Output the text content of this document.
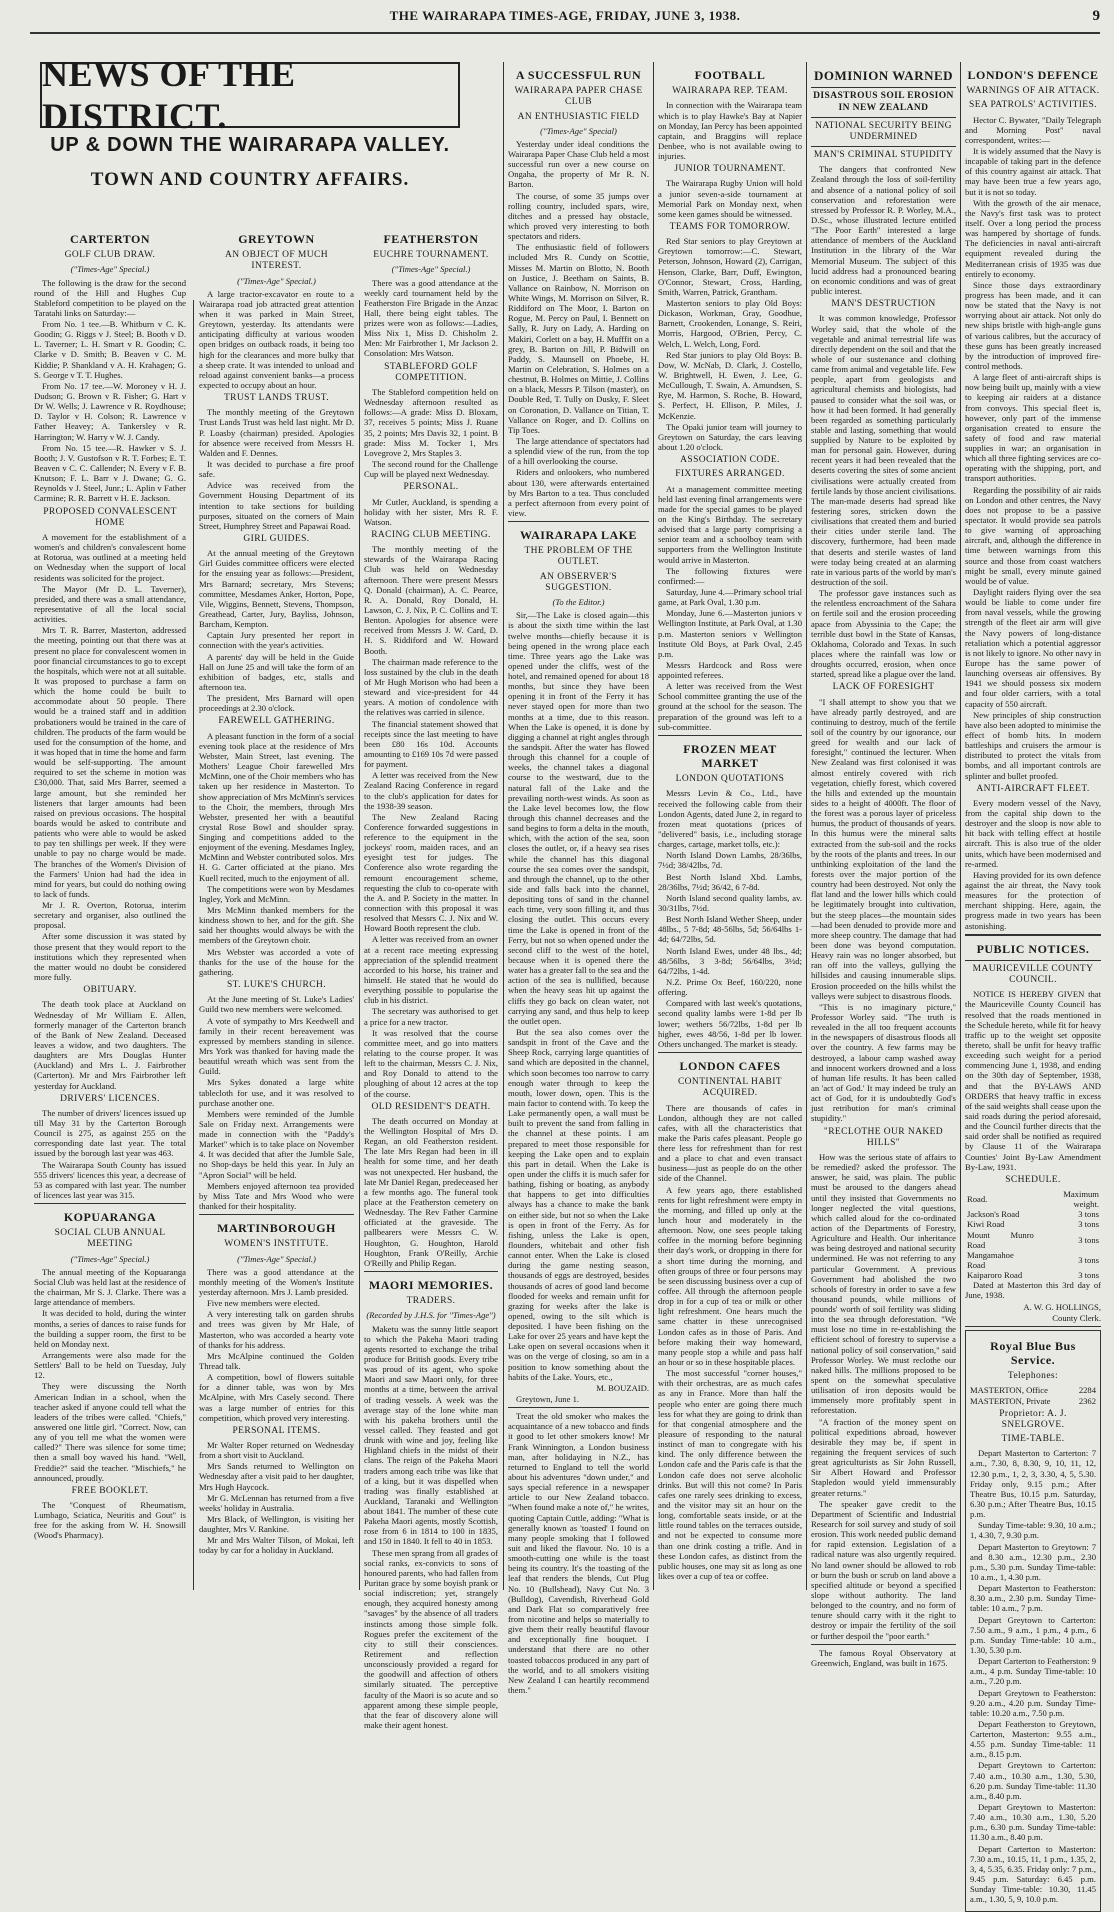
THE WAIRARAPA TIMES-AGE, FRIDAY, JUNE 3, 1938.	9
NEWS OF THE DISTRICT.
UP & DOWN THE WAIRARAPA VALLEY.
TOWN AND COUNTRY AFFAIRS.
CARTERTON
GOLF CLUB DRAW.
("Times-Age" Special.)

The following is the draw for the second round of the Hill and Hughes Cup Stableford competition to be played on the Taratahi links on Saturday:—

From No. 1 tee.—B. Whitburn v C. K. Goodin; G. Riggs v J. Steel; B. Booth v D. L. Taverner; L. H. Smart v R. Goodin; C. Clarke v D. Smith; B. Beaven v C. M. Kiddie; P. Shankland v A. H. Krahagen; G. S. George v T. T. Hughes.

From No. 17 tee.—W. Moroney v H. J. Dudson; G. Brown v R. Fisher; G. Hart v Dr W. Wells; J. Lawrence v R. Roydhouse; D. Taylor v H. Colson; R. Lawrence v Father Heavey; A. Tankersley v R. Harrington; W. Harry v W. J. Candy.

From No. 15 tee.—R. Hawker v S. J. Booth; J. V. Gustofson v R. T. Forbes; E. T. Beaven v C. C. Callender; N. Every v F. B. Knutson; F. L. Barr v J. Dwane; G. G. Reynolds v J. Steel, Junr.; L. Aplin v Father Carmine; R. R. Barrett v H. E. Jackson.

PROPOSED CONVALESCENT HOME

A movement for the establishment of a women's and children's convalescent home at Rotorua, was outlined at a meeting held on Wednesday when the support of local residents was solicited for the project.

The Mayor (Mr D. L. Taverner), presided, and there was a small attendance, representative of all the local social activities.

Mrs T. R. Barrer, Masterton, addressed the meeting, pointing out that there was at present no place for convalescent women in poor financial circumstances to go to except the hospitals, which were not at all suitable. It was proposed to purchase a farm on which the home could be built to accommodate about 50 people. There would be a trained staff and in addition probationers would be trained in the care of children. The products of the farm would be used for the consumption of the home, and it was hoped that in time the home and farm would be self-supporting. The amount required to set the scheme in motion was £30,000. That, said Mrs Barrer, seemed a large amount, but she reminded her listeners that larger amounts had been raised on previous occasions. The hospital boards would be asked to contribute and patients who were able to would be asked to pay ten shillings per week. If they were unable to pay no charge would be made. The branches of the Women's Division of the Farmers' Union had had the idea in mind for years, but could do nothing owing to lack of funds.

Mr J. R. Overton, Rotorua, interim secretary and organiser, also outlined the proposal.

After some discussion it was stated by those present that they would report to the institutions which they represented when the matter would no doubt be considered more fully.

OBITUARY.

The death took place at Auckland on Wednesday of Mr William E. Allen, formerly manager of the Carterton branch of the Bank of New Zealand. Deceased leaves a widow, and two daughters. The daughters are Mrs Douglas Hunter (Auckland) and Mrs L. J. Fairbrother (Carterton). Mr and Mrs Fairbrother left yesterday for Auckland.

DRIVERS' LICENCES.

The number of drivers' licences issued up till May 31 by the Carterton Borough Council is 275, as against 255 on the corresponding date last year. The total issued by the borough last year was 463.

The Wairarapa South County has issued 555 drivers' licences this year, a decrease of 53 as compared with last year. The number of licences last year was 315.

KOPUARANGA
SOCIAL CLUB ANNUAL MEETING
("Times-Age" Special.)

The annual meeting of the Kopuaranga Social Club was held last at the residence of the chairman, Mr S. J. Clarke. There was a large attendance of members.

It was decided to hold, during the winter months, a series of dances to raise funds for the building a supper room, the first to be held on Monday next.

Arrangements were also made for the Settlers' Ball to be held on Tuesday, July 12.

They were discussing the North American Indian in a school, when the teacher asked if anyone could tell what the leaders of the tribes were called. "Chiefs," answered one little girl. "Correct. Now, can any of you tell me what the women were called?" There was silence for some time; then a small boy waved his hand. "Well, Freddie?" said the teacher. "Mischiefs," he announced, proudly.

FREE BOOKLET.

The "Conquest of Rheumatism, Lumbago, Sciatica, Neuritis and Gout" is free for the asking from W. H. Snowsill (Wood's Pharmacy).

GREYTOWN
AN OBJECT OF MUCH INTEREST.
("Times-Age" Special.)

A large tractor-excavator en route to a Wairarapa road job attracted great attention when it was parked in Main Street, Greytown, yesterday. Its attendants were anticipating difficulty at various wooden open bridges on outback roads, it being too high for the clearances and more bulky that a sheep crate. It was intended to unload and reload against convenient banks—a process expected to occupy about an hour.

TRUST LANDS TRUST.

The monthly meeting of the Greytown Trust Lands Trust was held last night. Mr D. P. Loasby (chairman) presided. Apologies for absence were received from Messrs H. Walden and F. Dennes.

It was decided to purchase a fire proof safe.

Advice was received from the Government Housing Department of its intention to take sections for building purposes, situated on the corners of Main Street, Humphrey Street and Papawai Road.

GIRL GUIDES.

At the annual meeting of the Greytown Girl Guides committee officers were elected for the ensuing year as follows:—President, Mrs Barnard; secretary, Mrs Stevens; committee, Mesdames Anker, Horton, Pope, Vile, Wiggins, Bennett, Stevens, Thompson, Greathead, Carter, Jury, Bayliss, Johnson, Barcham, Kempton.

Captain Jury presented her report in connection with the year's activities.

A parents' day will be held in the Guide Hall on June 25 and will take the form of an exhibition of badges, etc, stalls and afternoon tea.

The president, Mrs Barnard will open proceedings at 2.30 o'clock.

FAREWELL GATHERING.

A pleasant function in the form of a social evening took place at the residence of Mrs Webster, Main Street, last evening. The Mothers' League Choir farewelled Mrs McMinn, one of the Choir members who has taken up her residence in Masterton. To show appreciation of Mrs McMinn's services to the Choir, the members, through Mrs Webster, presented her with a beautiful crystal Rose Bowl and shoulder spray. Singing and competitions added to the enjoyment of the evening. Mesdames Ingley, McMinn and Webster contributed solos. Mrs H. G. Carter officiated at the piano. Mrs Kuell recited, much to the enjoyment of all.

The competitions were won by Mesdames Ingley, York and McMinn.

Mrs McMinn thanked members for the kindness shown to her, and for the gift. She said her thoughts would always be with the members of the Greytown choir.

Mrs Webster was accorded a vote of thanks for the use of the house for the gathering.

ST. LUKE'S CHURCH.

At the June meeting of St. Luke's Ladies' Guild two new members were welcomed.

A vote of sympathy to Mrs Keedwell and family in their recent bereavement was expressed by members standing in silence. Mrs York was thanked for having made the beautiful wreath which was sent from the Guild.

Mrs Sykes donated a large white tablecloth for use, and it was resolved to purchase another one.

Members were reminded of the Jumble Sale on Friday next. Arrangements were made in connection with the "Paddy's Market" which is to take place on November 4. It was decided that after the Jumble Sale, no Shop-days be held this year. In July an "Apron Social" will be held.

Members enjoyed afternoon tea provided by Miss Tate and Mrs Wood who were thanked for their hospitality.

MARTINBOROUGH
WOMEN'S INSTITUTE.
("Times-Age" Special.)

There was a good attendance at the monthly meeting of the Women's Institute yesterday afternoon. Mrs J. Lamb presided.

Five new members were elected.

A very interesting talk on garden shrubs and trees was given by Mr Hale, of Masterton, who was accorded a hearty vote of thanks for his address.

Mrs McAlpine continued the Golden Thread talk.

A competition, bowl of flowers suitable for a dinner table, was won by Mrs McAlpine, with Mrs Casely second. There was a large number of entries for this competition, which proved very interesting.

PERSONAL ITEMS.

Mr Walter Roper returned on Wednesday from a short visit to Auckland.

Mrs Sands returned to Wellington on Wednesday after a visit paid to her daughter, Mrs Hugh Haycock.

Mr G. McLennan has returned from a five weeks' holiday in Australia.

Mrs Black, of Wellington, is visiting her daughter, Mrs V. Rankine.

Mr and Mrs Walter Tilson, of Mokai, left today by car for a holiday in Auckland.

FEATHERSTON
EUCHRE TOURNAMENT.
("Times-Age" Special.)

There was a good attendance at the weekly card tournament held by the Featherston Fire Brigade in the Anzac Hall, there being eight tables. The prizes were won as follows:—Ladies, Miss Nix 1, Miss D. Chisholm 2. Men: Mr Fairbrother 1, Mr Jackson 2. Consolation: Mrs Watson.

STABLEFORD GOLF COMPETITION.

The Stableford competition held on Wednesday afternoon resulted as follows:—A grade: Miss D. Bloxam, 37, receives 5 points; Miss J. Ruane 35, 2 points; Mrs Davis 32, 1 point. B grade: Miss M. Tocker 1, Mrs Lovegrove 2, Mrs Staples 3.

The second round for the Challenge Cup will be played next Wednesday.

PERSONAL.

Mr Cutler, Auckland, is spending a holiday with her sister, Mrs R. F. Watson.

RACING CLUB MEETING.

The monthly meeting of the stewards of the Wairarapa Racing Club was held on Wednesday afternoon. There were present Messrs Q. Donald (chairman), A. C. Pearce, R. A. Donald, Roy Donald, H. Lawson, C. J. Nix, P. C. Collins and T. Benton. Apologies for absence were received from Messrs J. W. Card, D. H. S. Riddiford and W. Howard Booth.

The chairman made reference to the loss sustained by the club in the death of Mr Hugh Morison who had been a steward and vice-president for 44 years. A motion of condolence with the relatives was carried in silence.

The financial statement showed that receipts since the last meeting to have been £80 16s 10d. Accounts amounting to £169 10s 7d were passed for payment.

A letter was received from the New Zealand Racing Conference in regard to the club's application for dates for the 1938-39 season.

The New Zealand Racing Conference forwarded suggestions in reference to the equipment in the jockeys' room, maiden races, and an eyesight test for judges. The Conference also wrote regarding the remount encouragement scheme, requesting the club to co-operate with the A. and P. Society in the matter. In connection with this proposal it was resolved that Messrs C. J. Nix and W. Howard Booth represent the club.

A letter was received from an owner at a recent race meeting expressing appreciation of the splendid treatment accorded to his horse, his trainer and himself. He stated that he would do everything possible to popularise the club in his district.

The secretary was authorised to get a price for a new tractor.

It was resolved that the course committee meet, and go into matters relating to the course proper. It was left to the chairman, Messrs C. J. Nix, and Roy Donald to attend to the ploughing of about 12 acres at the top of the course.

OLD RESIDENT'S DEATH.

The death occurred on Monday at the Wellington Hospital of Mrs D. Regan, an old Featherston resident. The late Mrs Regan had been in ill health for some time, and her death was not unexpected. Her husband, the late Mr Daniel Regan, predeceased her a few months ago. The funeral took place at the Featherston cemetery on Wednesday. The Rev Father Carmine officiated at the graveside. The pallbearers were Messrs C. W. Houghton, G. Houghton, Harold Houghton, Frank O'Reilly, Archie O'Reilly and Philip Regan.

MAORI MEMORIES.
TRADERS.
(Recorded by J.H.S. for "Times-Age")

Maketu was the sunny little seaport to which the Pakeha Maori trading agents resorted to exchange the tribal produce for British goods. Every tribe was proud of its agent, who spoke Maori and saw Maori only, for three months at a time, between the arrival of trading vessels. A week was the average stay of the lone white man with his pakeha brothers until the vessel called. They feasted and got drunk with wine and joy, feeling like Highland chiefs in the midst of their clans. The reign of the Pakeha Maori traders among each tribe was like that of a king, but it was dispelled when trading was finally established at Auckland, Taranaki and Wellington about 1841. The number of these cute Pakeha Maori agents, mostly Scottish, rose from 6 in 1814 to 100 in 1835, and 150 in 1840. It fell to 40 in 1853.

These men sprang from all grades of social ranks, ex-convicts to sons of honoured parents, who had fallen from Puritan grace by some boyish prank or social indiscretion; yet, strangely enough, they acquired honesty among "savages" by the absence of all traders instincts among those simple folk. Rogues prefer the excitement of the city to still their consciences. Retirement and reflection unconsciously provided a regard for the goodwill and affection of others similarly situated. The perceptive faculty of the Maori is so acute and so apparent among these simple people, that the fear of discovery alone will make their agent honest.

A SUCCESSFUL RUN
WAIRARAPA PAPER CHASE CLUB
AN ENTHUSIASTIC FIELD
("Times-Age" Special)

Yesterday under ideal conditions the Wairarapa Paper Chase Club held a most successful run over a new course on Ongaha, the property of Mr R. N. Barton.

The course, of some 35 jumps over rolling country, included spars, wire, ditches and a pressed hay obstacle, which proved very interesting to both spectators and riders.

The enthusiastic field of followers included Mrs R. Cundy on Scottie, Misses M. Martin on Blotto, N. Booth on Justice, J. Beetham on Saints, B. Vallance on Rainbow, N. Morrison on White Wings, M. Morrison on Silver, R. Riddiford on The Moor, I. Barton on Rogue, M. Percy on Paul, I. Bennett on Sally, R. Jury on Lady, A. Harding on Makiri, Corlett on a bay, H. Mufffit on a grey, B. Barton on Jill, P. Bidwill on Paddy, S. Maunsell on Phoebe, H. Martin on Celebration, S. Holmes on a chestnut, B. Holmes on Mittie, J. Collins on a black, Messrs P. Tilson (master), on Double Red, T. Tully on Dusky, F. Sleet on Coronation, D. Vallance on Titian, T. Vallance on Roger, and D. Collins on Tip Toes.

The large attendance of spectators had a splendid view of the run, from the top of a hill overlooking the course.

Riders and onlookers, who numbered about 130, were afterwards entertained by Mrs Barton to a tea. Thus concluded a perfect afternoon from every point of view.

WAIRARAPA LAKE
THE PROBLEM OF THE OUTLET.
AN OBSERVER'S SUGGESTION.
(To the Editor.)

Sir,—The Lake is closed again—this is about the sixth time within the last twelve months—chiefly because it is being opened in the wrong place each time. Three years ago the Lake was opened under the cliffs, west of the hotel, and remained opened for about 18 months, but since they have been opening it in front of the Ferry it has never stayed open for more than two months at a time, due to this reason. When the Lake is opened, it is done by digging a channel at right angles through the sandspit. After the water has flowed through this channel for a couple of weeks, the channel takes a diagonal course to the westward, due to the natural fall of the Lake and the prevailing north-west winds. As soon as the Lake level becomes low, the flow through this channel decreases and the sand begins to form a delta in the mouth, which, with the action of the sea, soon closes the outlet, or, if a heavy sea rises while the channel has this diagonal course the sea comes over the sandspit, and through the channel, up to the other side and falls back into the channel, depositing tons of sand in the channel each time, very soon filling it, and thus closing the outlet. This occurs every time the Lake is opened in front of the Ferry, but not so when opened under the second cliff to the west of the hotel, because when it is opened there the water has a greater fall to the sea and the action of the sea is nullified, because when the heavy seas hit up against the cliffs they go back on clean water, not carrying any sand, and thus help to keep the outlet open.

But the sea also comes over the sandspit in front of the Cave and the Sheep Rock, carrying large quantities of sand which are deposited in the channel, which soon becomes too narrow to carry enough water through to keep the mouth, lower down, open. This is the main factor to contend with. To keep the Lake permanently open, a wall must be built to prevent the sand from falling in the channel at these points. I am prepared to meet those responsible for keeping the Lake open and to explain this part in detail. When the Lake is open under the cliffs it is much safer for bathing, fishing or boating, as anybody that happens to get into difficulties always has a chance to make the bank on either side, but not so when the Lake is open in front of the Ferry. As for fishing, unless the Lake is open, flounders, whitebait and other fish cannot enter. When the Lake is closed during the game nesting season, thousands of eggs are destroyed, besides thousands of acres of good land become flooded for weeks and remain unfit for grazing for weeks after the lake is opened, owing to the silt which is deposited. I have been fishing on the Lake for over 25 years and have kept the Lake open on several occasions when it was on the verge of closing, so am in a position to know something about the habits of the Lake. Yours, etc.,

M. BOUZAID.

Greytown, June 1.

Treat the old smoker who makes the acquaintance of a new tobacco and finds it good to let other smokers know! Mr Frank Winnington, a London business man, after holidaying in N.Z., has returned to England to tell the world about his adventures "down under," and says special reference in a newspaper article to our New Zealand tobacco. "When found make a note of," he writes, quoting Captain Cuttle, adding: "What is generally known as 'toasted' I found on many people smoking that I followed suit and liked the flavour. No. 10 is a smooth-cutting one while is the toast being its country. It's the toasting of the leaf that renders the blends, Cut Plug No. 10 (Bullshead), Navy Cut No. 3 (Bulldog), Cavendish, Riverhead Gold and Dark Flat so comparatively free from nicotine and helps so materially to give them their really beautiful flavour and exceptionally fine bouquet. I understand that there are no other toasted tobaccos produced in any part of the world, and to all smokers visiting New Zealand I can heartily recommend them."

FOOTBALL
WAIRARAPA REP. TEAM.

In connection with the Wairarapa team which is to play Hawke's Bay at Napier on Monday, Ian Percy has been appointed captain, and Braggins will replace Denbee, who is not available owing to injuries.

JUNIOR TOURNAMENT.

The Wairarapa Rugby Union will hold a junior seven-a-side tournament at Memorial Park on Monday next, when some keen games should be witnessed.

TEAMS FOR TOMORROW.

Red Star seniors to play Greytown at Greytown tomorrow:—C. Stewart, Peterson, Johnson, Howard (2), Carrigan, Henson, Clarke, Barr, Duff, Ewington, O'Connor, Stewart, Cross, Harding, Smith, Warren, Patrick, Grantham.

Masterton seniors to play Old Boys: Dickason, Workman, Gray, Goodhue, Barnett, Crookenden, Lonange, S. Reiri, Morris, Hargood, O'Brien, Percy, C. Welch, L. Welch, Long, Ford.

Red Star juniors to play Old Boys: B. Dow, W. McNab, D. Clark, J. Costello, W. Brightwell, H. Ewen, J. Lee, G. McCullough, T. Swain, A. Amundsen, S. Rye, M. Harmon, S. Roche, B. Howard, S. Perfect, H. Ellison, P. Miles, J. McKenzie.

The Opaki junior team will journey to Greytown on Saturday, the cars leaving about 1.20 o'clock.

ASSOCIATION CODE.
FIXTURES ARRANGED.

At a management committee meeting held last evening final arrangements were made for the special games to be played on the King's Birthday. The secretary advised that a large party comprising a senior team and a schoolboy team with supporters from the Wellington Institute would arrive in Masterton.

The following fixtures were confirmed:—

Saturday, June 4.—Primary school trial game, at Park Oval, 1.30 p.m.

Monday, June 6.—Masterton juniors v Wellington Institute, at Park Oval, at 1.30 p.m. Masterton seniors v Wellington Institute Old Boys, at Park Oval, 2.45 p.m.

Messrs Hardcock and Ross were appointed referees.

A letter was received from the West School committee granting the use of the ground at the school for the season. The preparation of the ground was left to a sub-committee.

FROZEN MEAT MARKET
LONDON QUOTATIONS

Messrs Levin & Co., Ltd., have received the following cable from their London Agents, dated June 2, in regard to frozen meat quotations (prices of "delivered" basis, i.e., including storage charges, cartage, market tolls, etc.):

North Island Down Lambs, 28/36lbs, 7½d; 38/42lbs, 7d.

Best North Island Xbd. Lambs, 28/36lbs, 7½d; 36/42, 6 7-8d.

North Island second quality lambs, av. 30/31lbs, 7½d.

Best North Island Wether Sheep, under 48lbs., 5 7-8d; 48-56lbs, 5d; 56/64lbs 1-4d; 64/72lbs, 5d.

North Island Ewes, under 48 lbs., 4d; 48/56lbs, 3 3-8d; 56/64lbs, 3½d; 64/72lbs, 1-4d.

N.Z. Prime Ox Beef, 160/220, none offering.

Compared with last week's quotations, second quality lambs were 1-8d per lb lower; wethers 56/72lbs, 1-8d per lb higher, ewes 48/56, 1-8d per lb lower. Others unchanged. The market is steady.

LONDON CAFES
CONTINENTAL HABIT ACQUIRED.

There are thousands of cafes in London, although they are not called cafes, with all the characteristics that make the Paris cafes pleasant. People go there less for refreshment than for rest and a place to chat and even transact business—just as people do on the other side of the Channel.

A few years ago, there established rents for light refreshment were empty in the morning, and filled up only at the lunch hour and moderately in the afternoon. Now, one sees people taking coffee in the morning before beginning their day's work, or dropping in there for a short time during the morning, and often groups of three or four persons may be seen discussing business over a cup of coffee. All through the afternoon people drop in for a cup of tea or milk or other light refreshment. One hears much the same chatter in these unrecognised London cafes as in those of Paris. And before making their way homeward, many people stop a while and pass half an hour or so in these hospitable places.

The most successful "corner houses," with their orchestras, are as much cafes as any in France. More than half the people who enter are going there much less for what they are going to drink than for that congenial atmosphere and the pleasure of responding to the natural instinct of man to congregate with his kind. The only difference between the London cafe and the Paris cafe is that the London cafe does not serve alcoholic drinks. But will this not come? In Paris cafes one rarely sees drinking to excess, and the visitor may sit an hour on the long, comfortable seats inside, or at the little round tables on the terraces outside, and not be expected to consume more than one drink costing a trifle. And in these London cafes, as distinct from the public houses, one may sit as long as one likes over a cup of tea or coffee.

DOMINION WARNED
DISASTROUS SOIL EROSION IN NEW ZEALAND
NATIONAL SECURITY BEING UNDERMINED
MAN'S CRIMINAL STUPIDITY

The dangers that confronted New Zealand through the loss of soil-fertility and absence of a national policy of soil conservation and reforestation were stressed by Professor R. P. Worley, M.A., D.Sc., whose illustrated lecture entitled "The Poor Earth" interested a large attendance of members of the Auckland Institution in the library of the War Memorial Museum. The subject of this lucid address had a pronounced bearing on economic conditions and was of great public interest.

MAN'S DESTRUCTION

It was common knowledge, Professor Worley said, that the whole of the vegetable and animal terrestrial life was directly dependent on the soil and that the whole of our sustenance and clothing came from animal and vegetable life. Few people, apart from geologists and agricultural chemists and biologists, had paused to consider what the soil was, or how it had been formed. It had generally been regarded as something particularly stable and lasting, something that would supplied by Nature to be exploited by man for personal gain. However, during recent years it had been revealed that the deserts covering the sites of some ancient civilisations were actually created from fertile lands by those ancient civilisations. The man-made deserts had spread like festering sores, stricken down the civilisations that created them and buried their cities under sterile land. The discovery, furthermore, had been made that deserts and sterile wastes of land were today being created at an alarming rate in various parts of the world by man's destruction of the soil.

The professor gave instances such as the relentless encroachment of the Sahara on fertile soil and the erosion proceeding apace from Abyssinia to the Cape; the terrible dust bowl in the State of Kansas, Oklahoma, Colorado and Texas. In such places where the rainfall was low or droughts occurred, erosion, when once started, spread like a plague over the land.

LACK OF FORESIGHT

"I shall attempt to show you that we have already partly destroyed, and are continuing to destroy, much of the fertile soil of the country by our ignorance, our greed for wealth and our lack of foresight," continued the lecturer. When New Zealand was first colonised it was almost entirely covered with rich vegetation, chiefly forest, which covered the hills and extended up the mountain sides to a height of 4000ft. The floor of the forest was a porous layer of priceless humus, the product of thousands of years. In this humus were the mineral salts extracted from the sub-soil and the rocks by the roots of the plants and trees. In our unthinking exploitation of the land the forests over the major portion of the country had been destroyed. Not only the flat land and the lower hills which could be legitimately brought into cultivation, but the steep places—the mountain sides—had been denuded to provide more and more sheep country. The damage that had been done was beyond computation. Heavy rain was no longer absorbed, but ran off into the valleys, gullying the hillsides and causing innumerable slips. Erosion proceeded on the hills whilst the valleys were subject to disastrous floods.

"This is no imaginary picture," Professor Worley said. "The truth is revealed in the all too frequent accounts in the newspapers of disastrous floods all over the country. A few farms may be destroyed, a labour camp washed away and innocent workers drowned and a loss of human life results. It has been called an 'act of God.' It may indeed be truly an act of God, for it is undoubtedly God's just retribution for man's criminal stupidity."

"RECLOTHE OUR NAKED HILLS"

How was the serious state of affairs to be remedied? asked the professor. The answer, he said, was plain. The public must be aroused to the dangers ahead until they insisted that Governments no longer neglected the vital questions, which called aloud for the co-ordinated action of the Departments of Forestry, Agriculture and Health. Our inheritance was being destroyed and national security undermined. He was not referring to any particular Government. A previous Government had abolished the two schools of forestry in order to save a few thousand pounds, while millions of pounds' worth of soil fertility was sliding into the sea through deforestation. "We must lose no time in re-establishing the efficient school of forestry to supervise a national policy of soil conservation," said Professor Worley. We must reclothe our naked hills. The millions proposed to be spent on the somewhat speculative utilisation of iron deposits would be immensely more profitably spent in reforestation.

"A fraction of the money spent on political expeditions abroad, however desirable they may be, if spent in regaining the frequent services of such great agriculturists as Sir John Russell, Sir Albert Howard and Professor Stapledon would yield immensurably greater returns."

The speaker gave credit to the Department of Scientific and Industrial Research for soil survey and study of soil erosion. This work needed public demand for rapid extension. Legislation of a radical nature was also urgently required. No land owner should be allowed to rob or burn the bush or scrub on land above a specified altitude or beyond a specified slope without authority. The land belonged to the country, and no form of tenure should carry with it the right to destroy or impair the fertility of the soil or further despoil the "poor earth."

The famous Royal Observatory at Greenwich, England, was built in 1675.

LONDON'S DEFENCE
WARNINGS OF AIR ATTACK.
SEA PATROLS' ACTIVITIES.

Hector C. Bywater, "Daily Telegraph and Morning Post" naval correspondent, writes:—

It is widely assumed that the Navy is incapable of taking part in the defence of this country against air attack. That may have been true a few years ago, but it is not so today.

With the growth of the air menace, the Navy's first task was to protect itself. Over a long period the process was hampered by shortage of funds. The deficiencies in naval anti-aircraft equipment revealed during the Mediterranean crisis of 1935 was due entirely to economy.

Since those days extraordinary progress has been made, and it can now be stated that the Navy is not worrying about air attack. Not only do new ships bristle with high-angle guns of various calibres, but the accuracy of these guns has been greatly increased by the introduction of improved fire-control methods.

A large fleet of anti-aircraft ships is now being built up, mainly with a view to keeping air raiders at a distance from convoys. This special fleet is, however, only part of the immense organisation created to ensure the safety of food and raw material supplies in war; an organisation in which all three fighting services are co-operating with the shipping, port, and transport authorities.

Regarding the possibility of air raids on London and other centres, the Navy does not propose to be a passive spectator. It would provide sea patrols to give warning of approaching aircraft, and, although the difference in time between warnings from this source and those from coast watchers might be small, every minute gained would be of value.

Daylight raiders flying over the sea would be liable to come under fire from naval vessels, while the growing strength of the fleet air arm will give the Navy powers of long-distance retaliation which a potential aggressor is not likely to ignore. No other navy in Europe has the same power of launching overseas air offensives. By 1941 we should possess six modern and four older carriers, with a total capacity of 550 aircraft.

New principles of ship construction have also been adopted to minimise the effect of bomb hits. In modern battleships and cruisers the armour is distributed to protect the vitals from bombs, and all important controls are splinter and bullet proofed.

ANTI-AIRCRAFT FLEET.

Every modern vessel of the Navy, from the capital ship down to the destroyer and the sloop is now able to hit back with telling effect at hostile aircraft. This is also true of the older units, which have been modernised and re-armed.

Having provided for its own defence against the air threat, the Navy took measures for the protection of merchant shipping. Here, again, the progress made in two years has been astonishing.

PUBLIC NOTICES.
MAURICEVILLE COUNTY COUNCIL.

NOTICE IS HEREBY GIVEN that the Mauriceville County Council has resolved that the roads mentioned in the Schedule hereto, while fit for heavy traffic up to the weight set opposite thereto, shall be unfit for heavy traffic exceeding such weight for a period commencing June 1, 1938, and ending on the 30th day of September, 1938, and that the BY-LAWS AND ORDERS that heavy traffic in excess of the said weights shall cease upon the said roads during the period aforesaid, and the Council further directs that the said order shall be notified as required by Clause 11 of the Wairarapa Counties' Joint By-Law Amendment By-Law, 1931.

SCHEDULE.
Road.	Maximum weight.
Jackson's Road	3 tons
Kiwi Road	3 tons
Mount Munro Road	3 tons
Mangamahoe Road	3 tons
Kaiparoro Road	3 tons

Dated at Masterton this 3rd day of June, 1938.

A. W. G. HOLLINGS,

County Clerk.

Royal Blue Bus Service.
Telephones:
MASTERTON, Office	2284
MASTERTON, Private	2362
Proprietor: A. J. SNELGROVE.
TIME-TABLE.

Depart Masterton to Carterton: 7 a.m., 7.30, 8, 8.30, 9, 10, 11, 12, 12.30 p.m., 1, 2, 3, 3.30, 4, 5, 5.30. Friday only, 9.15 p.m.; After Theatre Bus, 10.15 p.m. Saturday, 6.30 p.m.; After Theatre Bus, 10.15 p.m.

Sunday Time-table: 9.30, 10 a.m.; 1, 4.30, 7, 9.30 p.m.

Depart Masterton to Greytown: 7 and 8.30 a.m., 12.30 p.m., 2.30 p.m., 5.30 p.m. Sunday Time-table: 10 a.m., 1, 4.30 p.m.

Depart Masterton to Featherston: 8.30 a.m., 2.30 p.m. Sunday Time-table: 10 a.m., 7 p.m.

Depart Greytown to Carterton: 7.50 a.m., 9 a.m., 1 p.m., 4 p.m., 6 p.m. Sunday Time-table: 10 a.m., 1.30, 5.30 p.m.

Depart Carterton to Featherston: 9 a.m., 4 p.m. Sunday Time-table: 10 a.m., 7.20 p.m.

Depart Greytown to Featherston: 9.20 a.m., 4.20 p.m. Sunday Time-table: 10.20 a.m., 7.50 p.m.

Depart Featherston to Greytown, Carterton, Masterton: 9.55 a.m., 4.55 p.m. Sunday Time-table: 11 a.m., 8.15 p.m.

Depart Greytown to Carterton: 7.40 a.m., 10.30 a.m., 1.30, 5.30, 6.20 p.m. Sunday Time-table: 11.30 a.m., 8.40 p.m.

Depart Greytown to Masterton: 7.40 a.m., 10.30 a.m., 1.30, 5.20 p.m., 6.30 p.m. Sunday Time-table: 11.30 a.m., 8.40 p.m.

Depart Carterton to Masterton: 7.30 a.m., 10.15, 11, 1 p.m., 1.35, 2, 3, 4, 5.35, 6.35. Friday only: 7 p.m., 9.45 p.m. Saturday: 6.45 p.m. Sunday Time-table: 10.30, 11.45 a.m., 1.30, 5, 9, 10.0 p.m.
